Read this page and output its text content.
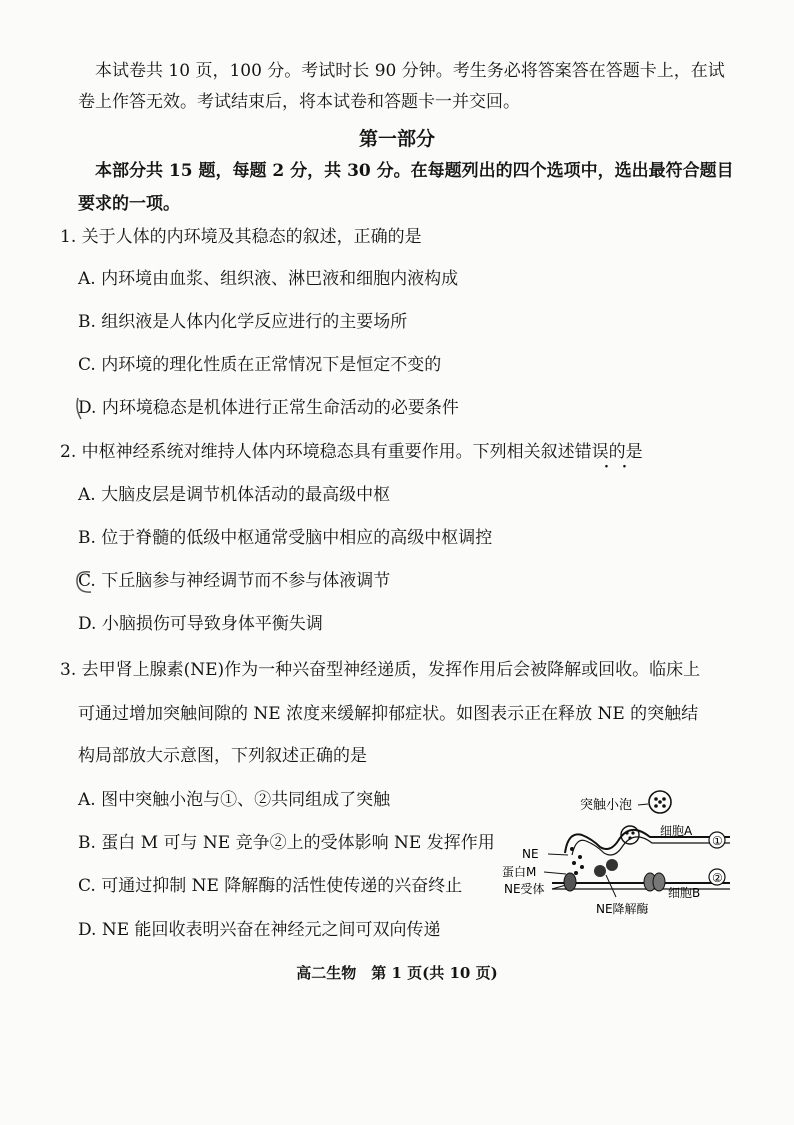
本试卷共 10 页，100 分。考试时长 90 分钟。考生务必将答案答在答题卡上，在试
卷上作答无效。考试结束后，将本试卷和答题卡一并交回。
第一部分
本部分共 15 题，每题 2 分，共 30 分。在每题列出的四个选项中，选出最符合题目
要求的一项。
1. 关于人体的内环境及其稳态的叙述，正确的是
A. 内环境由血浆、组织液、淋巴液和细胞内液构成
B. 组织液是人体内化学反应进行的主要场所
C. 内环境的理化性质在正常情况下是恒定不变的
D. 内环境稳态是机体进行正常生命活动的必要条件
2. 中枢神经系统对维持人体内环境稳态具有重要作用。下列相关叙述错误的是
· ·
A. 大脑皮层是调节机体活动的最高级中枢
B. 位于脊髓的低级中枢通常受脑中相应的高级中枢调控
C. 下丘脑参与神经调节而不参与体液调节
D. 小脑损伤可导致身体平衡失调
3. 去甲肾上腺素(NE)作为一种兴奋型神经递质，发挥作用后会被降解或回收。临床上
可通过增加突触间隙的 NE 浓度来缓解抑郁症状。如图表示正在释放 NE 的突触结
构局部放大示意图，下列叙述正确的是
A. 图中突触小泡与①、②共同组成了突触
B. 蛋白 M 可与 NE 竞争②上的受体影响 NE 发挥作用
C. 可通过抑制 NE 降解酶的活性使传递的兴奋终止
D. NE 能回收表明兴奋在神经元之间可双向传递
突触小泡
细胞A
①
NE
蛋白M
NE受体
NE降解酶
细胞B
②
高二生物　第 1 页(共 10 页)
